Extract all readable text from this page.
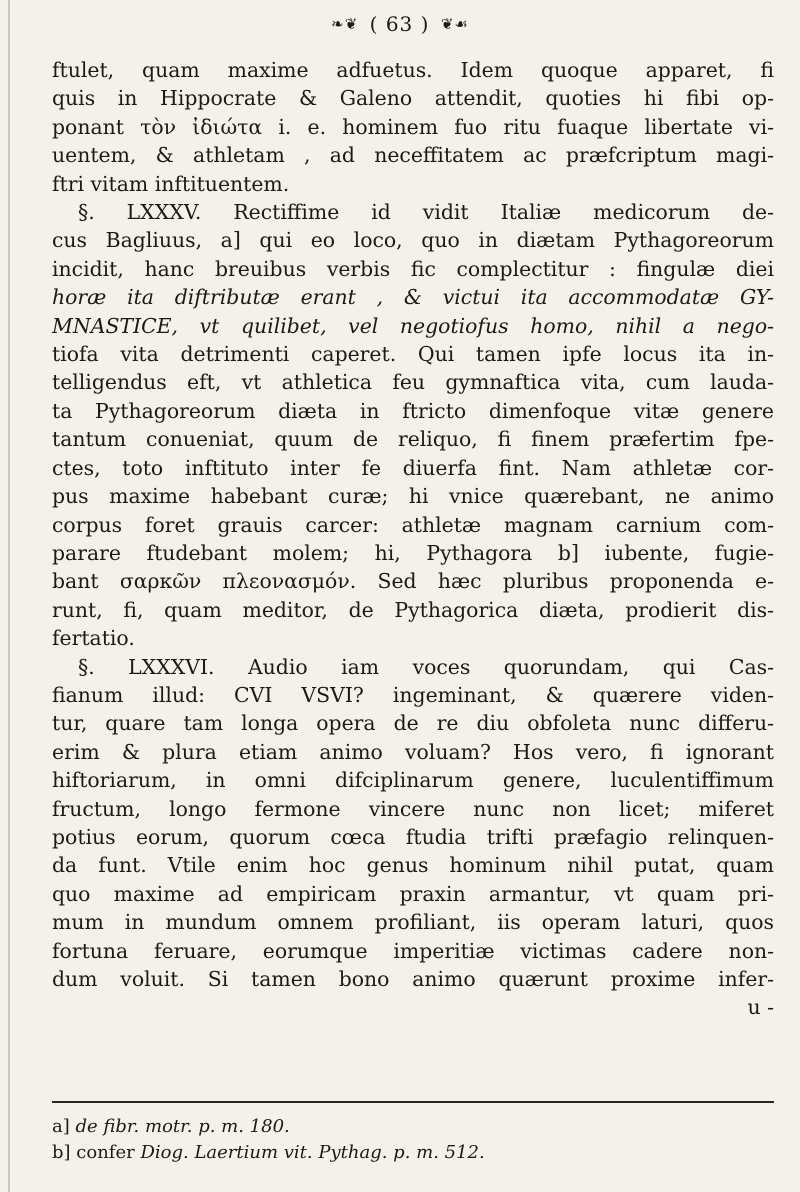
❧❦ ( 63 ) ❦☙
ftulet, quam maxime adfuetus. Idem quoque apparet, fi
quis in Hippocrate & Galeno attendit, quoties hi fibi op-
ponant τὸν ἰδιώτα i. e. hominem fuo ritu fuaque libertate vi-
uentem, & athletam , ad neceffitatem ac præfcriptum magi-
ftri vitam inftituentem.
§. LXXXV. Rectiffime id vidit Italiæ medicorum de-
cus Bagliuus, a] qui eo loco, quo in diætam Pythagoreorum
incidit, hanc breuibus verbis fic complectitur : fingulæ diei
horæ ita diftributæ erant , & victui ita accommodatæ GY-
MNASTICE, vt quilibet, vel negotiofus homo, nihil a nego-
tiofa vita detrimenti caperet. Qui tamen ipfe locus ita in-
telligendus eft, vt athletica feu gymnaftica vita, cum lauda-
ta Pythagoreorum diæta in ftricto dimenfoque vitæ genere
tantum conueniat, quum de reliquo, fi finem præfertim fpe-
ctes, toto inftituto inter fe diuerfa fint. Nam athletæ cor-
pus maxime habebant curæ; hi vnice quærebant, ne animo
corpus foret grauis carcer: athletæ magnam carnium com-
parare ftudebant molem; hi, Pythagora b] iubente, fugie-
bant σαρκῶν πλεονασμόν. Sed hæc pluribus proponenda e-
runt, fi, quam meditor, de Pythagorica diæta, prodierit dis-
fertatio.
§. LXXXVI. Audio iam voces quorundam, qui Cas-
fianum illud: CVI VSVI? ingeminant, & quærere viden-
tur, quare tam longa opera de re diu obfoleta nunc differu-
erim & plura etiam animo voluam? Hos vero, fi ignorant
hiftoriarum, in omni difciplinarum genere, luculentiffimum
fructum, longo fermone vincere nunc non licet; miferet
potius eorum, quorum cœca ftudia trifti præfagio relinquen-
da funt. Vtile enim hoc genus hominum nihil putat, quam
quo maxime ad empiricam praxin armantur, vt quam pri-
mum in mundum omnem profiliant, iis operam laturi, quos
fortuna feruare, eorumque imperitiæ victimas cadere non-
dum voluit. Si tamen bono animo quærunt proxime infer-
u -
a] de fibr. motr. p. m. 180.
b] confer Diog. Laertium vit. Pythag. p. m. 512.
